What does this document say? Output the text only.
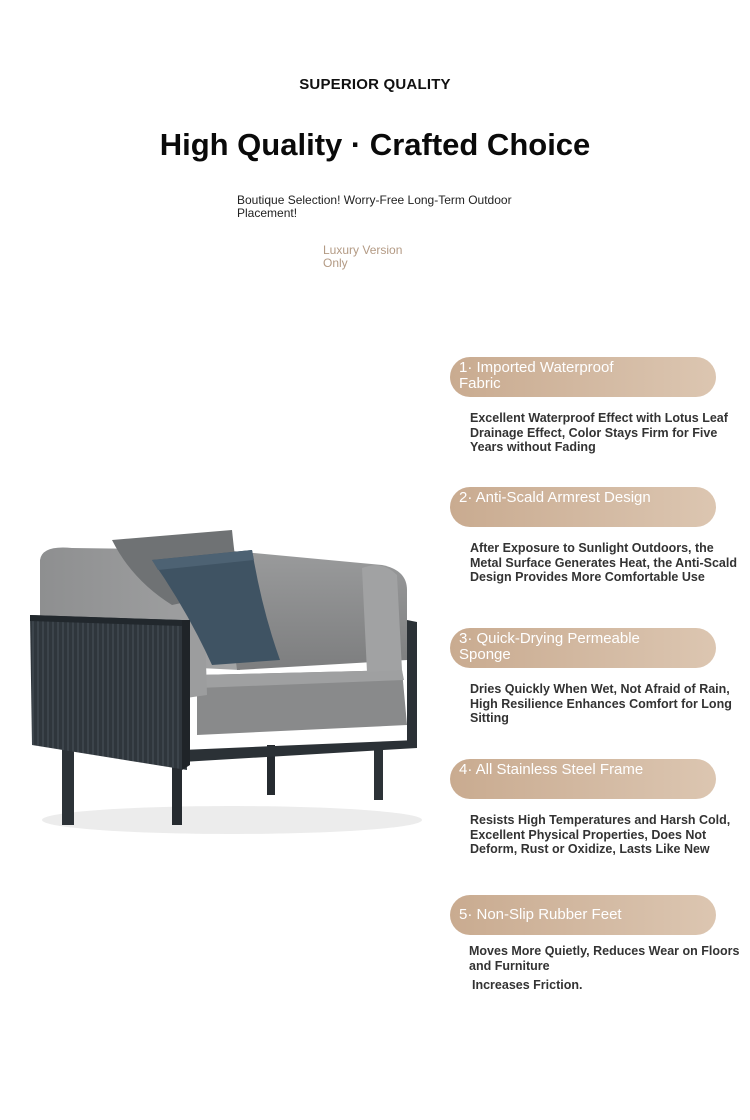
SUPERIOR QUALITY
High Quality · Crafted Choice
Boutique Selection! Worry-Free Long-Term Outdoor Placement!
Luxury Version Only
1· Imported Waterproof Fabric
Excellent Waterproof Effect with Lotus Leaf Drainage Effect, Color Stays Firm for Five Years without Fading
2· Anti-Scald Armrest Design
After Exposure to Sunlight Outdoors, the Metal Surface Generates Heat, the Anti-Scald Design Provides More Comfortable Use
3· Quick-Drying Permeable Sponge
Dries Quickly When Wet, Not Afraid of Rain, High Resilience Enhances Comfort for Long Sitting
4· All Stainless Steel Frame
Resists High Temperatures and Harsh Cold, Excellent Physical Properties, Does Not Deform, Rust or Oxidize, Lasts Like New
5· Non-Slip Rubber Feet
Moves More Quietly, Reduces Wear on Floors and Furniture
Increases Friction.
